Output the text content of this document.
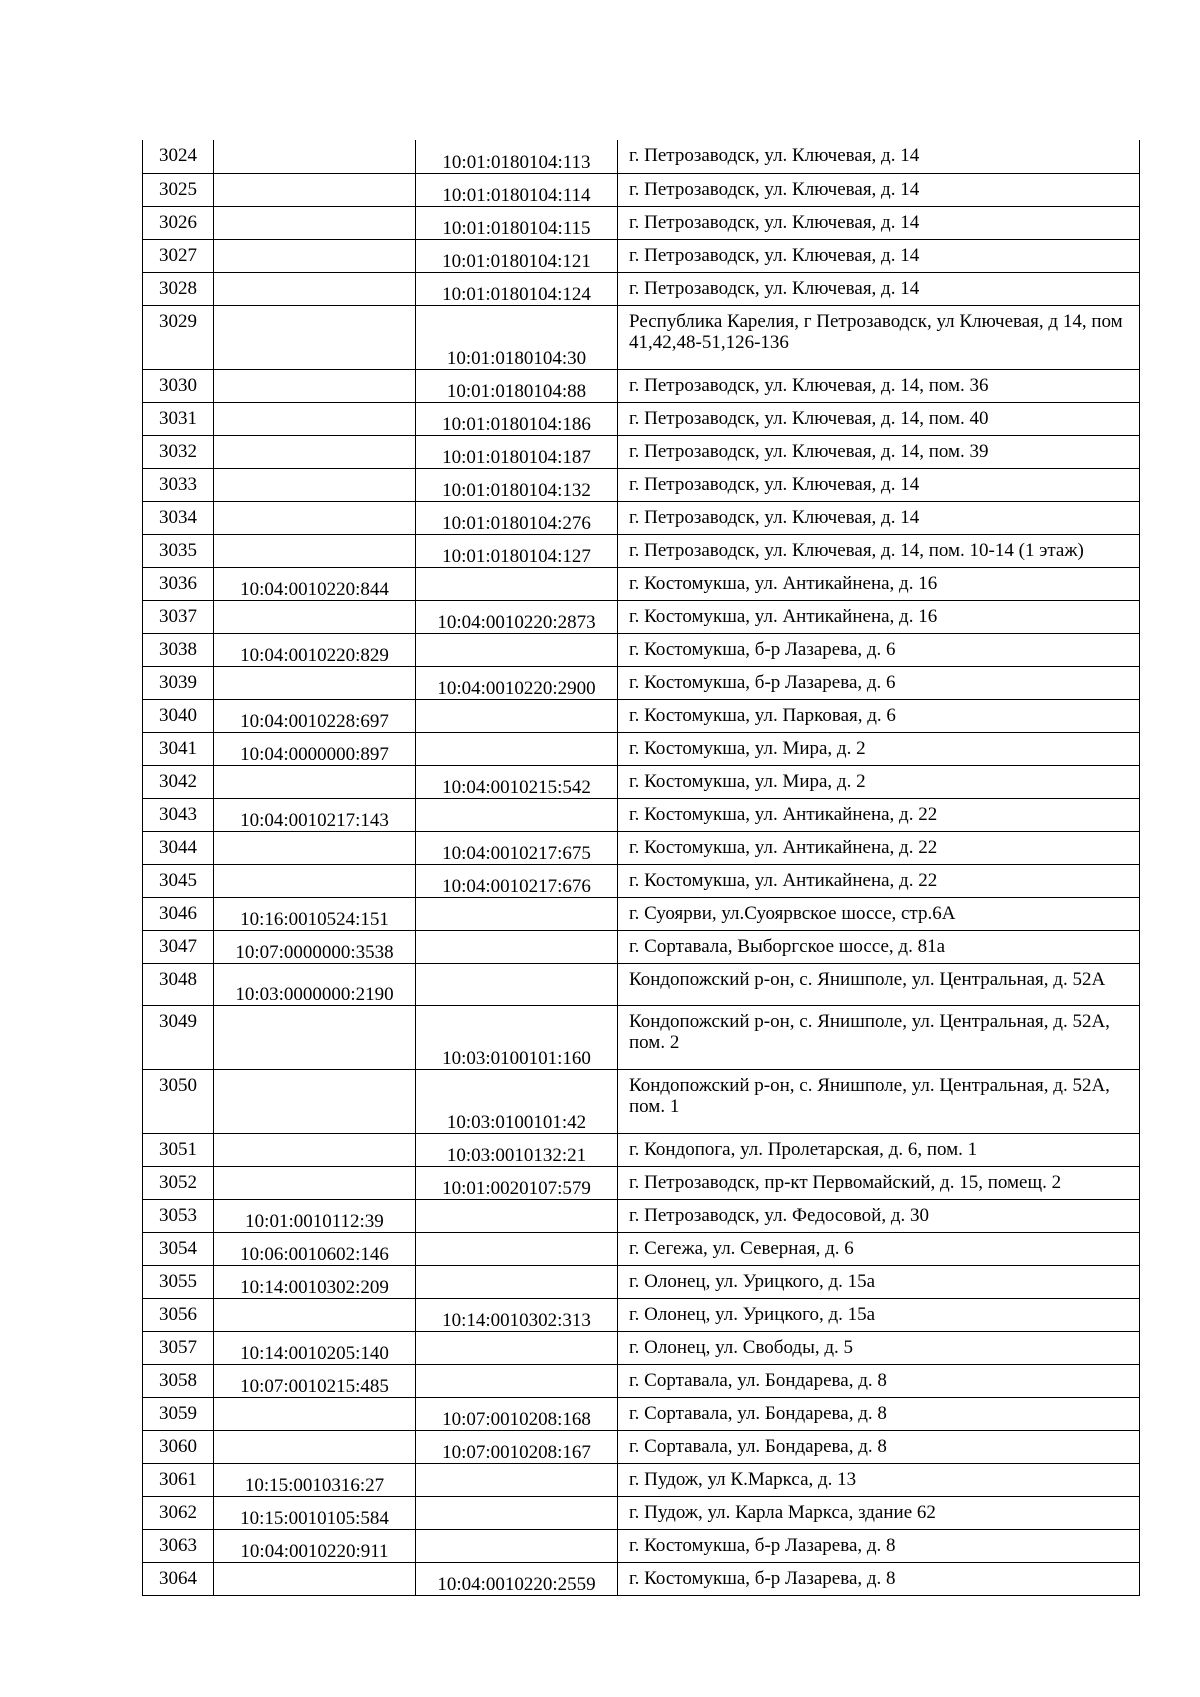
3024		10:01:0180104:113	г. Петрозаводск, ул. Ключевая, д. 14
3025		10:01:0180104:114	г. Петрозаводск, ул. Ключевая, д. 14
3026		10:01:0180104:115	г. Петрозаводск, ул. Ключевая, д. 14
3027		10:01:0180104:121	г. Петрозаводск, ул. Ключевая, д. 14
3028		10:01:0180104:124	г. Петрозаводск, ул. Ключевая, д. 14
3029		10:01:0180104:30	Республика Карелия, г Петрозаводск, ул Ключевая, д 14, пом 41,42,48-51,126-136
3030		10:01:0180104:88	г. Петрозаводск, ул. Ключевая, д. 14, пом. 36
3031		10:01:0180104:186	г. Петрозаводск, ул. Ключевая, д. 14, пом. 40
3032		10:01:0180104:187	г. Петрозаводск, ул. Ключевая, д. 14, пом. 39
3033		10:01:0180104:132	г. Петрозаводск, ул. Ключевая, д. 14
3034		10:01:0180104:276	г. Петрозаводск, ул. Ключевая, д. 14
3035		10:01:0180104:127	г. Петрозаводск, ул. Ключевая, д. 14, пом. 10-14 (1 этаж)
3036	10:04:0010220:844		г. Костомукша, ул. Антикайнена, д. 16
3037		10:04:0010220:2873	г. Костомукша, ул. Антикайнена, д. 16
3038	10:04:0010220:829		г. Костомукша, б-р Лазарева, д. 6
3039		10:04:0010220:2900	г. Костомукша, б-р Лазарева, д. 6
3040	10:04:0010228:697		г. Костомукша, ул. Парковая, д. 6
3041	10:04:0000000:897		г. Костомукша, ул. Мира, д. 2
3042		10:04:0010215:542	г. Костомукша, ул. Мира, д. 2
3043	10:04:0010217:143		г. Костомукша, ул. Антикайнена, д. 22
3044		10:04:0010217:675	г. Костомукша, ул. Антикайнена, д. 22
3045		10:04:0010217:676	г. Костомукша, ул. Антикайнена, д. 22
3046	10:16:0010524:151		г. Суоярви, ул.Суоярвское шоссе, стр.6А
3047	10:07:0000000:3538		г. Сортавала, Выборгское шоссе, д. 81а
3048	10:03:0000000:2190		Кондопожский р-он, с. Янишполе, ул. Центральная, д. 52А
3049		10:03:0100101:160	Кондопожский р-он, с. Янишполе, ул. Центральная, д. 52А, пом. 2
3050		10:03:0100101:42	Кондопожский р-он, с. Янишполе, ул. Центральная, д. 52А, пом. 1
3051		10:03:0010132:21	г. Кондопога, ул. Пролетарская, д. 6, пом. 1
3052		10:01:0020107:579	г. Петрозаводск, пр-кт Первомайский, д. 15, помещ. 2
3053	10:01:0010112:39		г. Петрозаводск, ул. Федосовой, д. 30
3054	10:06:0010602:146		г. Сегежа, ул. Северная, д. 6
3055	10:14:0010302:209		г. Олонец, ул. Урицкого, д. 15а
3056		10:14:0010302:313	г. Олонец, ул. Урицкого, д. 15а
3057	10:14:0010205:140		г. Олонец, ул. Свободы, д. 5
3058	10:07:0010215:485		г. Сортавала, ул. Бондарева, д. 8
3059		10:07:0010208:168	г. Сортавала, ул. Бондарева, д. 8
3060		10:07:0010208:167	г. Сортавала, ул. Бондарева, д. 8
3061	10:15:0010316:27		г. Пудож, ул К.Маркса, д. 13
3062	10:15:0010105:584		г. Пудож, ул. Карла Маркса, здание 62
3063	10:04:0010220:911		г. Костомукша, б-р Лазарева, д. 8
3064		10:04:0010220:2559	г. Костомукша, б-р Лазарева, д. 8
